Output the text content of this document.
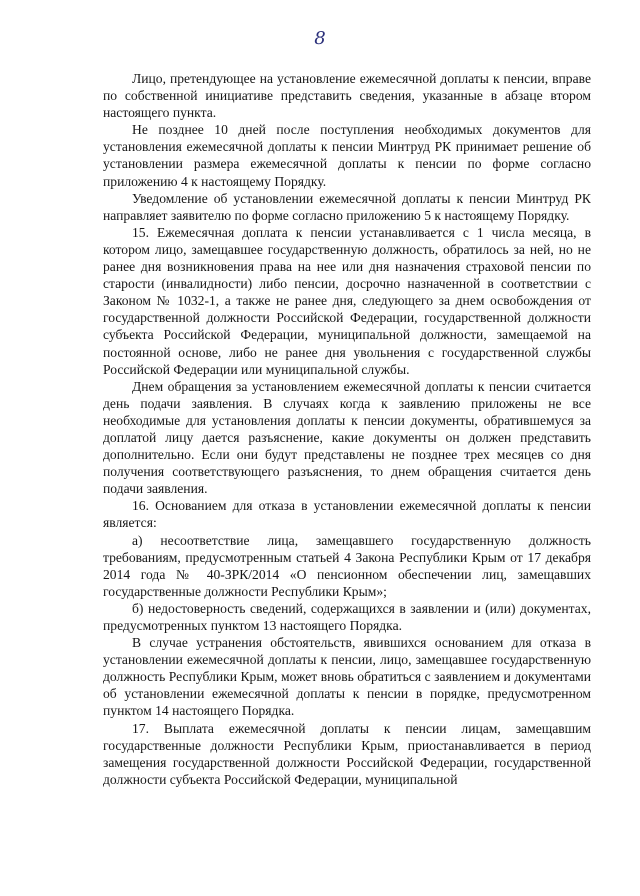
8

Лицо, претендующее на установление ежемесячной доплаты к пенсии, вправе по собственной инициативе представить сведения, указанные в абзаце втором настоящего пункта.

Не позднее 10 дней после поступления необходимых документов для установления ежемесячной доплаты к пенсии Минтруд РК принимает решение об установлении размера ежемесячной доплаты к пенсии по форме согласно приложению 4 к настоящему Порядку.

Уведомление об установлении ежемесячной доплаты к пенсии Минтруд РК направляет заявителю по форме согласно приложению 5 к настоящему Порядку.

15. Ежемесячная доплата к пенсии устанавливается с 1 числа месяца, в котором лицо, замещавшее государственную должность, обратилось за ней, но не ранее дня возникновения права на нее или дня назначения страховой пенсии по старости (инвалидности) либо пенсии, досрочно назначенной в соответствии с Законом № 1032-1, а также не ранее дня, следующего за днем освобождения от государственной должности Российской Федерации, государственной должности субъекта Российской Федерации, муниципальной должности, замещаемой на постоянной основе, либо не ранее дня увольнения с государственной службы Российской Федерации или муниципальной службы.

Днем обращения за установлением ежемесячной доплаты к пенсии считается день подачи заявления. В случаях когда к заявлению приложены не все необходимые для установления доплаты к пенсии документы, обратившемуся за доплатой лицу дается разъяснение, какие документы он должен представить дополнительно. Если они будут представлены не позднее трех месяцев со дня получения соответствующего разъяснения, то днем обращения считается день подачи заявления.

16. Основанием для отказа в установлении ежемесячной доплаты к пенсии является:

а) несоответствие лица, замещавшего государственную должность требованиям, предусмотренным статьей 4 Закона Республики Крым от 17 декабря 2014 года № 40-ЗРК/2014 «О пенсионном обеспечении лиц, замещавших государственные должности Республики Крым»;

б) недостоверность сведений, содержащихся в заявлении и (или) документах, предусмотренных пунктом 13 настоящего Порядка.

В случае устранения обстоятельств, явившихся основанием для отказа в установлении ежемесячной доплаты к пенсии, лицо, замещавшее государственную должность Республики Крым, может вновь обратиться с заявлением и документами об установлении ежемесячной доплаты к пенсии в порядке, предусмотренном пунктом 14 настоящего Порядка.

17. Выплата ежемесячной доплаты к пенсии лицам, замещавшим государственные должности Республики Крым, приостанавливается в период замещения государственной должности Российской Федерации, государственной должности субъекта Российской Федерации, муниципальной
